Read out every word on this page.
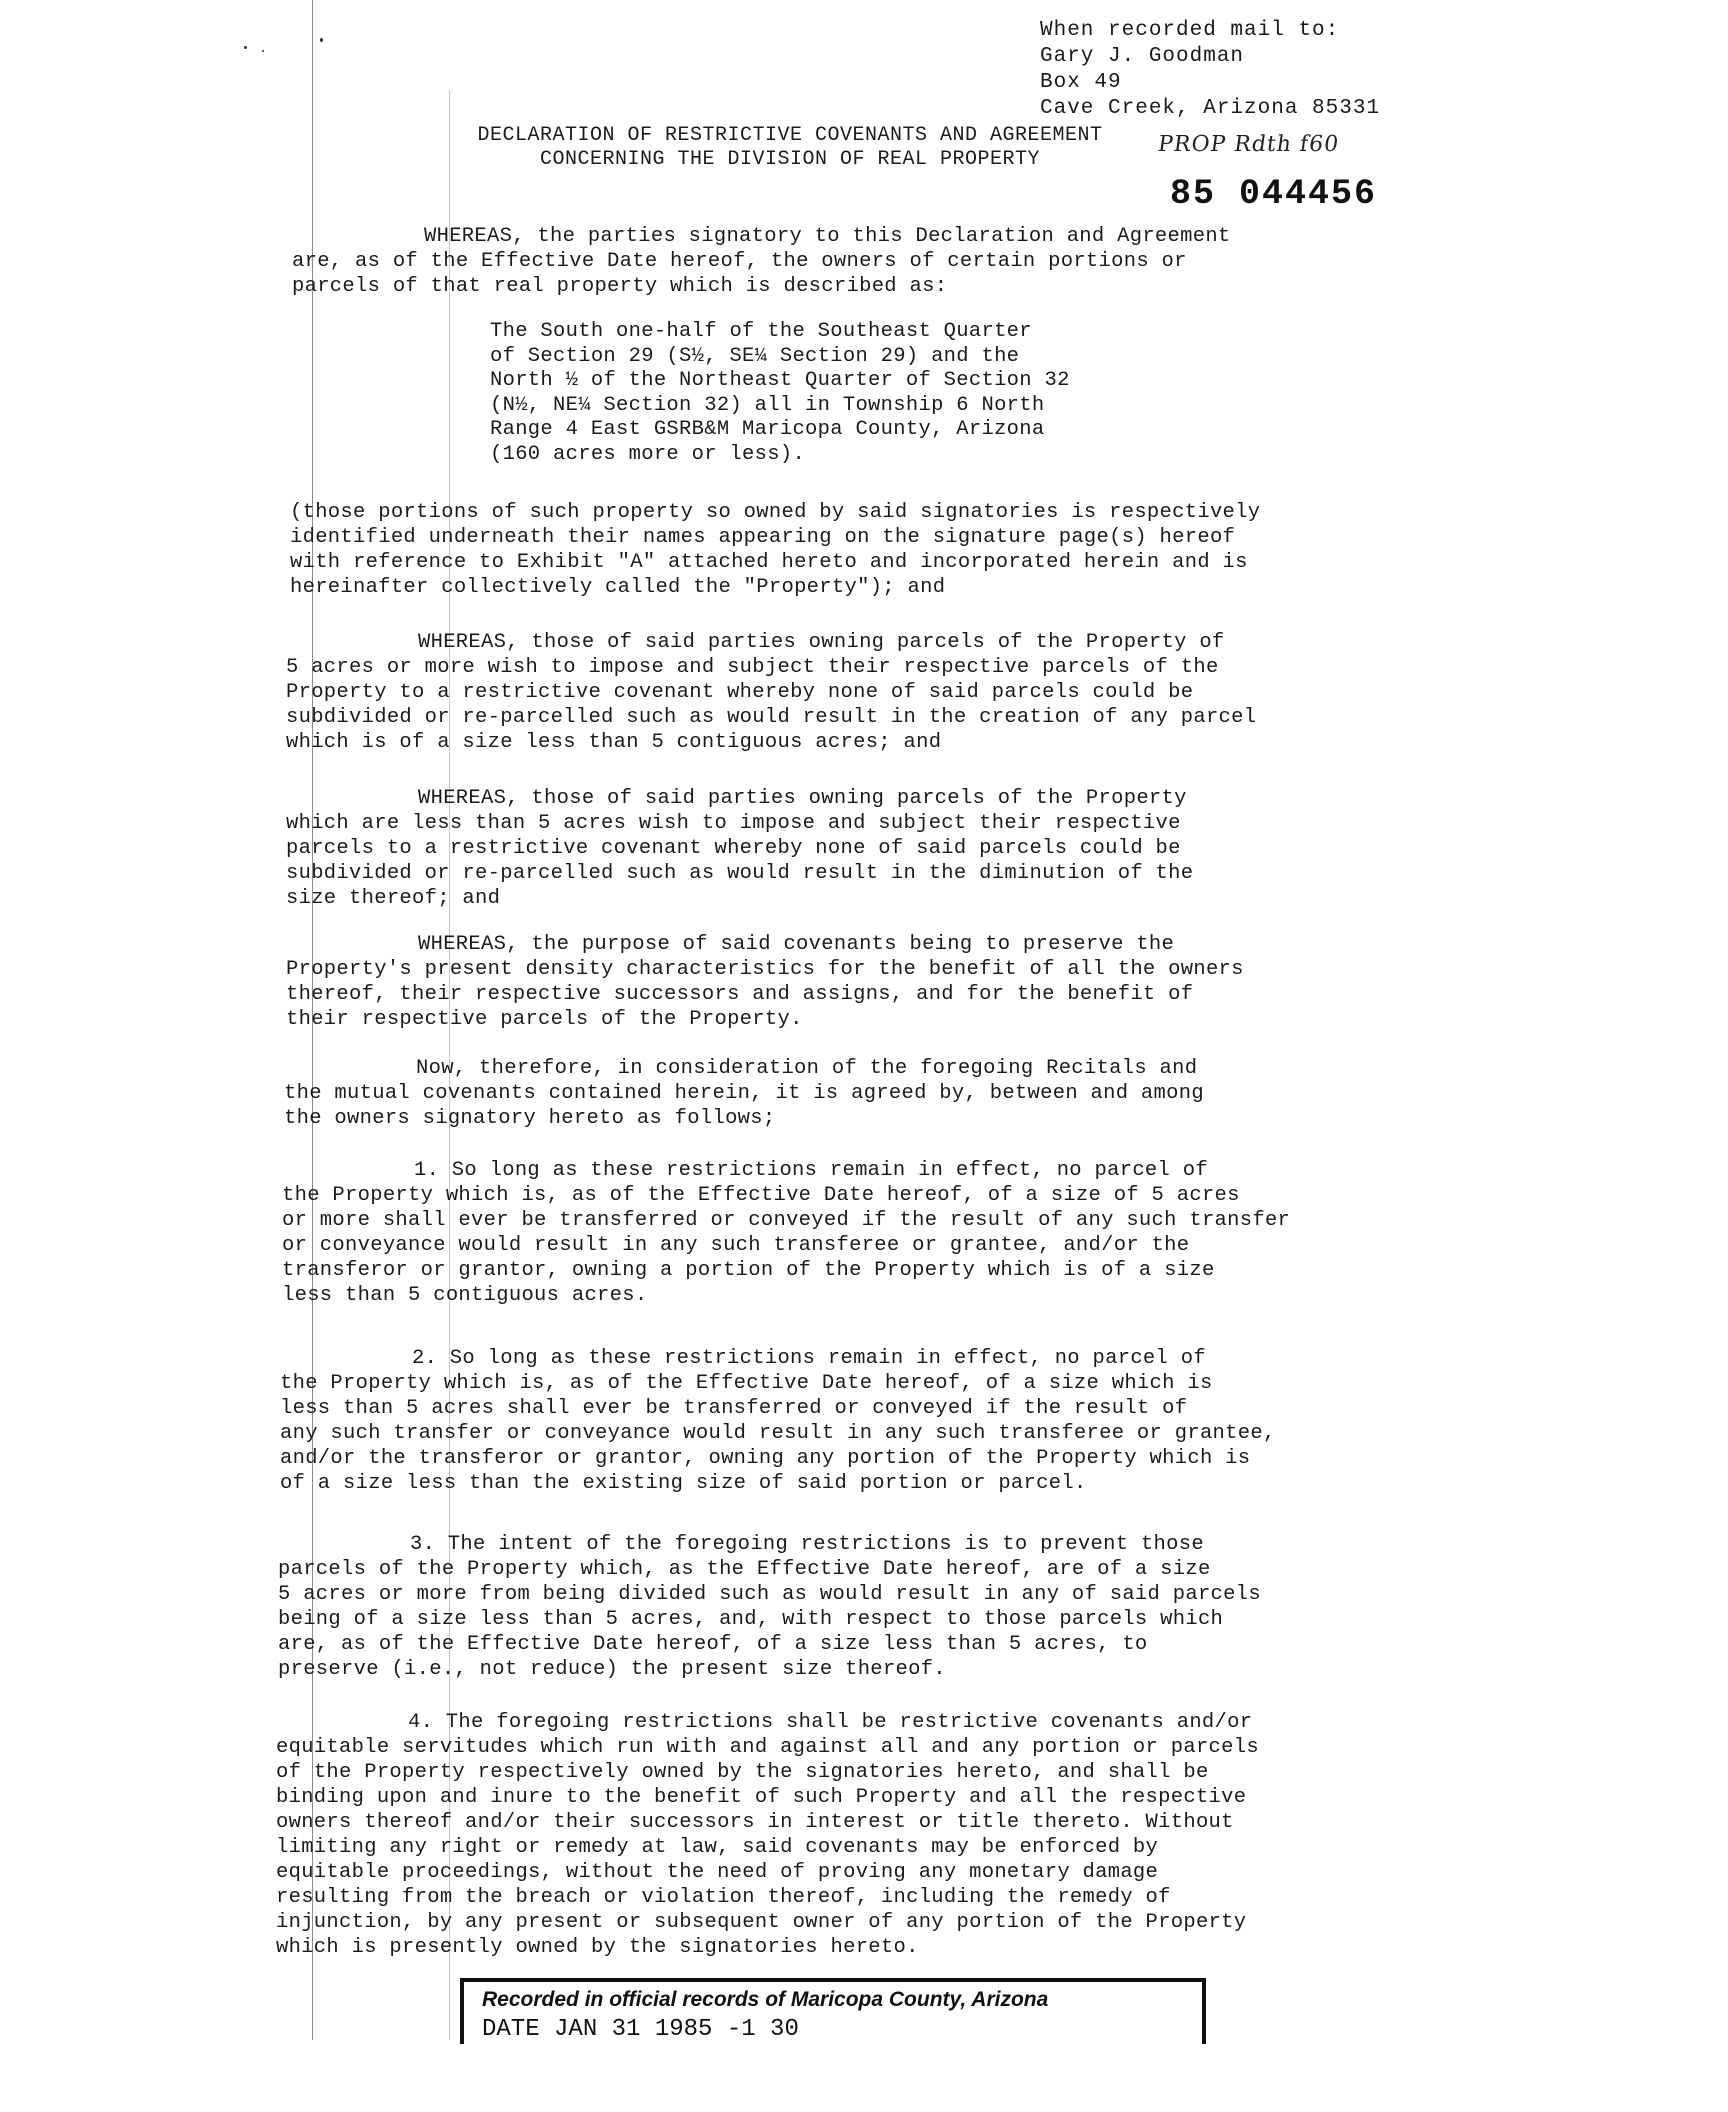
When recorded mail to:
Gary J. Goodman
Box 49
Cave Creek, Arizona 85331
DECLARATION OF RESTRICTIVE COVENANTS AND AGREEMENT
CONCERNING THE DIVISION OF REAL PROPERTY
PROP Rdth f60
85 044456

WHEREAS, the parties signatory to this Declaration and Agreement
are, as of the Effective Date hereof, the owners of certain portions or
parcels of that real property which is described as:

The South one-half of the Southeast Quarter
of Section 29 (S½, SE¼ Section 29) and the
North ½ of the Northeast Quarter of Section 32
(N½, NE¼ Section 32) all in Township 6 North
Range 4 East GSRB&M Maricopa County, Arizona
(160 acres more or less).

(those portions of such property so owned by said signatories is respectively
identified underneath their names appearing on the signature page(s) hereof
with reference to Exhibit "A" attached hereto and incorporated herein and is
hereinafter collectively called the "Property"); and

WHEREAS, those of said parties owning parcels of the Property of
5 acres or more wish to impose and subject their respective parcels of the
Property to a restrictive covenant whereby none of said parcels could be
subdivided or re-parcelled such as would result in the creation of any parcel
which is of a size less than 5 contiguous acres; and

WHEREAS, those of said parties owning parcels of the Property
which are less than 5 acres wish to impose and subject their respective
parcels to a restrictive covenant whereby none of said parcels could be
subdivided or re-parcelled such as would result in the diminution of the
size thereof; and

WHEREAS, the purpose of said covenants being to preserve the
Property's present density characteristics for the benefit of all the owners
thereof, their respective successors and assigns, and for the benefit of
their respective parcels of the Property.

Now, therefore, in consideration of the foregoing Recitals and
the mutual covenants contained herein, it is agreed by, between and among
the owners signatory hereto as follows;

1. So long as these restrictions remain in effect, no parcel of
the Property which is, as of the Effective Date hereof, of a size of 5 acres
or more shall ever be transferred or conveyed if the result of any such transfer
or conveyance would result in any such transferee or grantee, and/or the
transferor or grantor, owning a portion of the Property which is of a size
less than 5 contiguous acres.

2. So long as these restrictions remain in effect, no parcel of
the Property which is, as of the Effective Date hereof, of a size which is
less than 5 acres shall ever be transferred or conveyed if the result of
any such transfer or conveyance would result in any such transferee or grantee,
and/or the transferor or grantor, owning any portion of the Property which is
of a size less than the existing size of said portion or parcel.

3. The intent of the foregoing restrictions is to prevent those
parcels of the Property which, as the Effective Date hereof, are of a size
5 acres or more from being divided such as would result in any of said parcels
being of a size less than 5 acres, and, with respect to those parcels which
are, as of the Effective Date hereof, of a size less than 5 acres, to
preserve (i.e., not reduce) the present size thereof.

4. The foregoing restrictions shall be restrictive covenants and/or
equitable servitudes which run with and against all and any portion or parcels
of the Property respectively owned by the signatories hereto, and shall be
binding upon and inure to the benefit of such Property and all the respective
owners thereof and/or their successors in interest or title thereto. Without
limiting any right or remedy at law, said covenants may be enforced by
equitable proceedings, without the need of proving any monetary damage
resulting from the breach or violation thereof, including the remedy of
injunction, by any present or subsequent owner of any portion of the Property
which is presently owned by the signatories hereto.

Recorded in official records of Maricopa County, Arizona
DATE JAN 31 1985 -1 30
